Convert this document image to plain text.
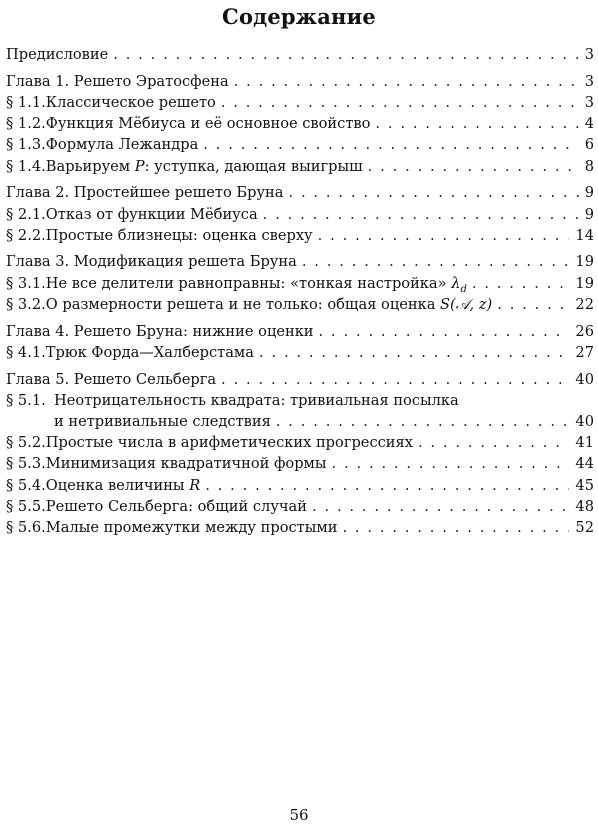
Содержание
Предисловие . . .	3
Глава 1. Решето Эратосфена . . .	3
§ 1.1. Классическое решето . . .	3
§ 1.2. Функция Мёбиуса и её основное свойство . . .	4
§ 1.3. Формула Лежандра . . .	6
§ 1.4. Варьируем P: уступка, дающая выигрыш . . .	8
Глава 2. Простейшее решето Бруна . . .	9
§ 2.1. Отказ от функции Мёбиуса . . .	9
§ 2.2. Простые близнецы: оценка сверху . . .	14
Глава 3. Модификация решета Бруна . . .	19
§ 3.1. Не все делители равноправны: «тонкая настройка» $\lambda_d$ . . .	19
§ 3.2. О размерности решета и не только: общая оценка S(𝒜, z) . . .	22
Глава 4. Решето Бруна: нижние оценки . . .	26
§ 4.1. Трюк Форда—Халберстама . . .	27
Глава 5. Решето Сельберга . . .	40
§ 5.1. Неотрицательность квадрата: тривиальная посылка
и нетривиальные следствия . . .	40
§ 5.2. Простые числа в арифметических прогрессиях . . .	41
§ 5.3. Минимизация квадратичной формы . . .	44
§ 5.4. Оценка величины R . . .	45
§ 5.5. Решето Сельберга: общий случай . . .	48
§ 5.6. Малые промежутки между простыми . . .	52
56
